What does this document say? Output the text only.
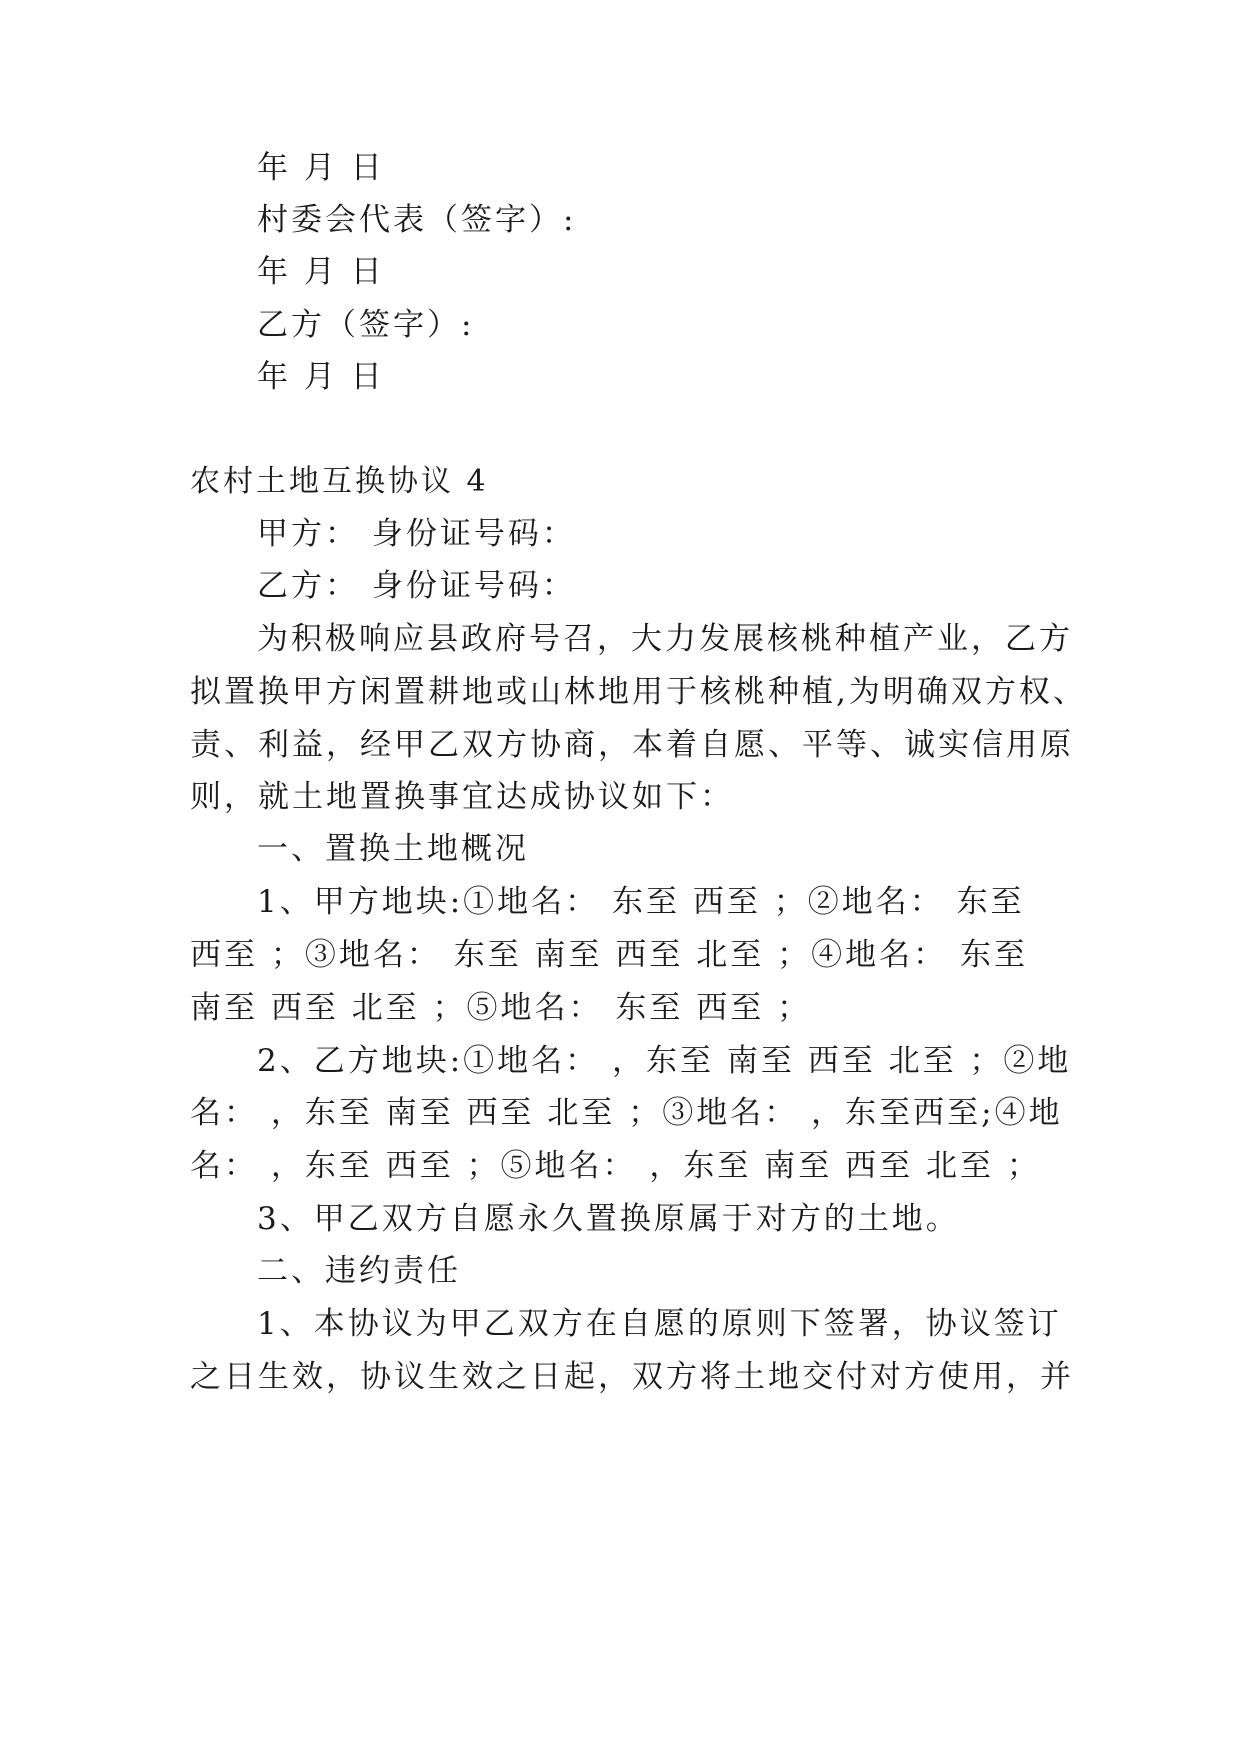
年 月 日
村委会代表（签字）:
年 月 日
乙方（签字）:
年 月 日
农村土地互换协议 4
甲方： 身份证号码：
乙方： 身份证号码：
为积极响应县政府号召，大力发展核桃种植产业，乙方
拟置换甲方闲置耕地或山林地用于核桃种植,为明确双方权、
责、利益，经甲乙双方协商，本着自愿、平等、诚实信用原
则，就土地置换事宜达成协议如下：
一、置换土地概况
1、甲方地块:①地名： 东至 西至 ；②地名： 东至
西至 ；③地名： 东至 南至 西至 北至 ；④地名： 东至
南至 西至 北至 ；⑤地名： 东至 西至 ；
2、乙方地块:①地名： ，东至 南至 西至 北至 ；②地
名： ，东至 南至 西至 北至 ；③地名： ，东至西至;④地
名： ，东至 西至 ；⑤地名： ，东至 南至 西至 北至 ；
3、甲乙双方自愿永久置换原属于对方的土地。
二、违约责任
1、本协议为甲乙双方在自愿的原则下签署，协议签订
之日生效，协议生效之日起，双方将土地交付对方使用，并
